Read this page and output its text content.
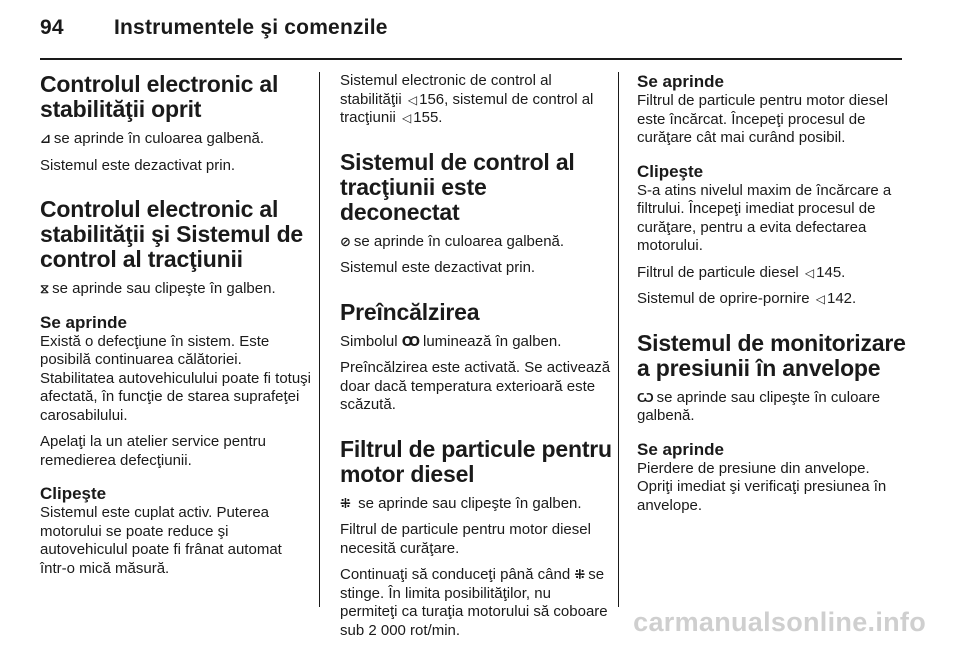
94 Instrumentele şi comenzile
Controlul electronic al stabilităţii oprit

⊿ se aprinde în culoarea galbenă.

Sistemul este dezactivat prin.

Controlul electronic al stabilităţii şi Sistemul de control al tracţiunii

⧖ se aprinde sau clipeşte în galben.

Se aprinde

Există o defecţiune în sistem. Este posibilă continuarea călătoriei. Stabilitatea autovehiculului poate fi totuşi afectată, în funcţie de starea suprafeţei carosabilului.

Apelaţi la un atelier service pentru remedierea defecţiunii.

Clipeşte

Sistemul este cuplat activ. Puterea motorului se poate reduce şi autovehiculul poate fi frânat automat într-o mică măsură.

Sistemul electronic de control al stabilităţii ◁ 156, sistemul de control al tracţiunii ◁ 155.

Sistemul de control al tracţiunii este deconectat

⊘ se aprinde în culoarea galbenă.

Sistemul este dezactivat prin.

Preîncălzirea

Simbolul Ꝏ luminează în galben.

Preîncălzirea este activată. Se activează doar dacă temperatura exterioară este scăzută.

Filtrul de particule pentru motor diesel

⁜ se aprinde sau clipeşte în galben.

Filtrul de particule pentru motor diesel necesită curăţare.

Continuaţi să conduceţi până când ⁜ se stinge. În limita posibilităţilor, nu permiteţi ca turaţia motorului să coboare sub 2 000 rot/min.

Se aprinde

Filtrul de particule pentru motor diesel este încărcat. Începeţi procesul de curăţare cât mai curând posibil.

Clipeşte

S-a atins nivelul maxim de încărcare a filtrului. Începeţi imediat procesul de curăţare, pentru a evita defectarea motorului.

Filtrul de particule diesel ◁ 145.

Sistemul de oprire-pornire ◁ 142.

Sistemul de monitorizare a presiunii în anvelope

Ѡ se aprinde sau clipeşte în culoare galbenă.

Se aprinde

Pierdere de presiune din anvelope. Opriţi imediat şi verificaţi presiunea în anvelope.

carmanualsonline.info
